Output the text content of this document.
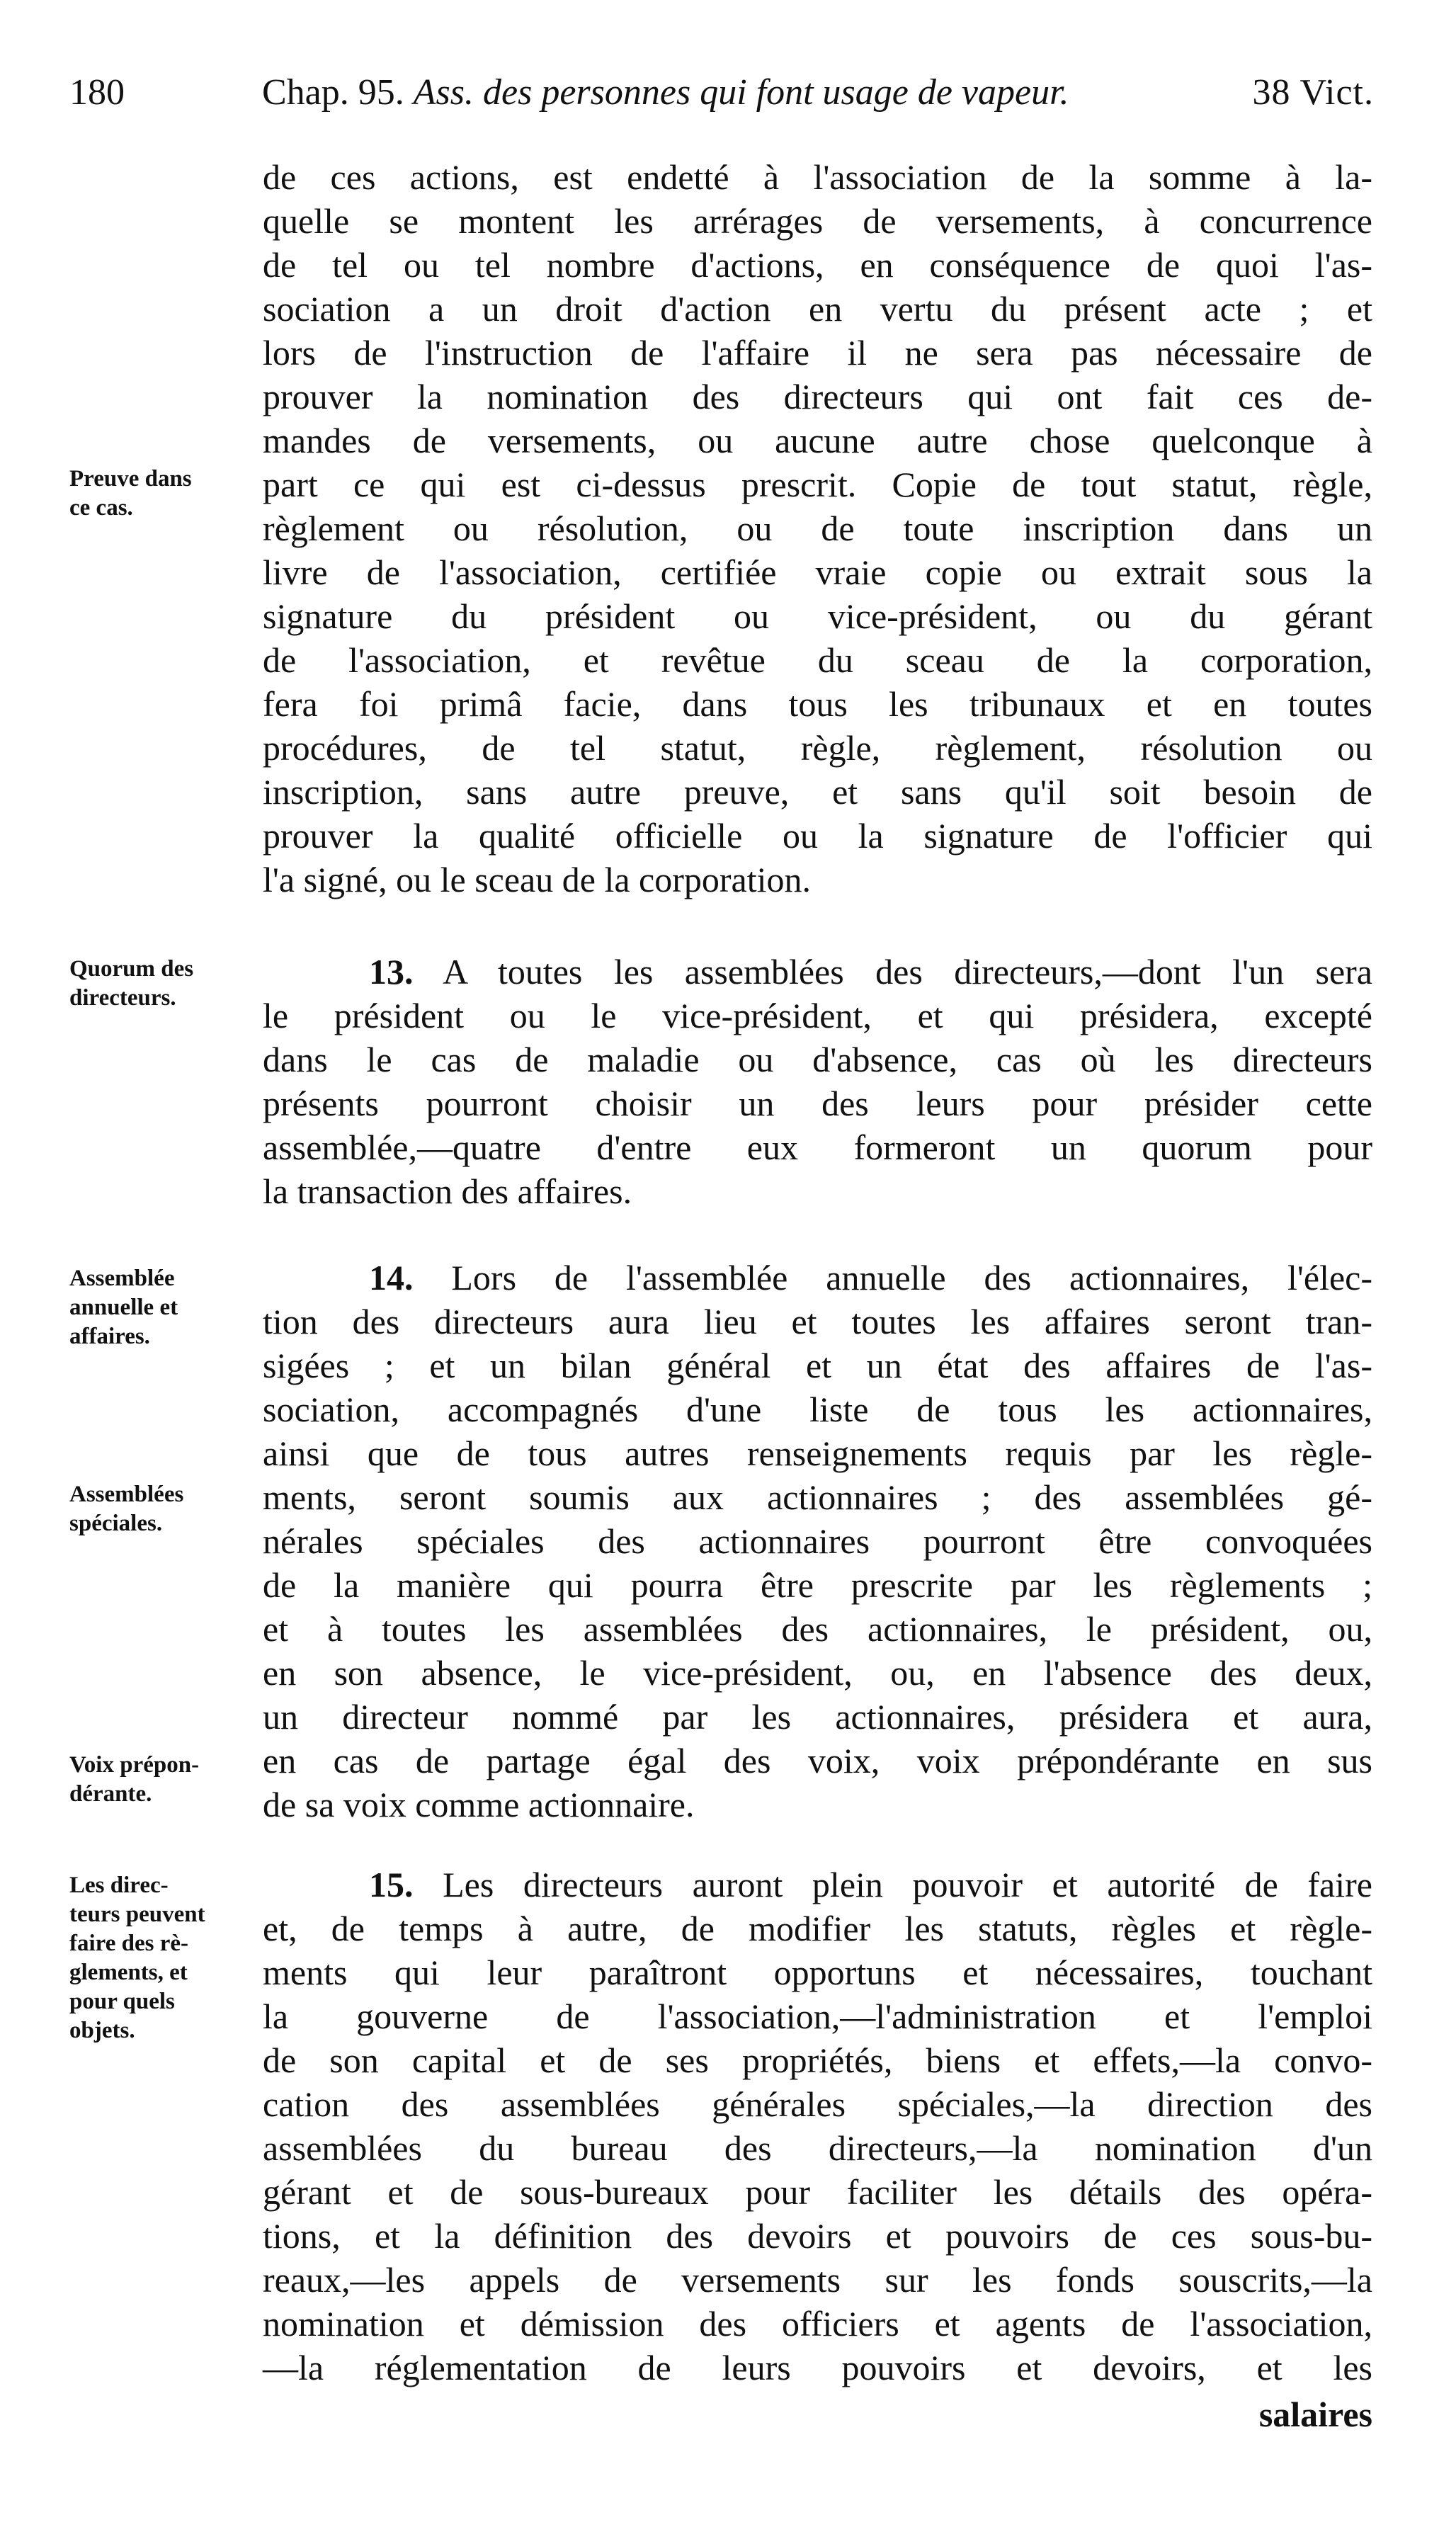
180	Chap. 95. Ass. des personnes qui font usage de vapeur.	38 Vict.
de ces actions, est endetté à l'association de la somme à la-
quelle se montent les arrérages de versements, à concurrence
de tel ou tel nombre d'actions, en conséquence de quoi l'as-
sociation a un droit d'action en vertu du présent acte ; et
lors de l'instruction de l'affaire il ne sera pas nécessaire de
prouver la nomination des directeurs qui ont fait ces de-
mandes de versements, ou aucune autre chose quelconque à
part ce qui est ci-dessus prescrit. Copie de tout statut, règle,
règlement ou résolution, ou de toute inscription dans un
livre de l'association, certifiée vraie copie ou extrait sous la
signature du président ou vice-président, ou du gérant
de l'association, et revêtue du sceau de la corporation,
fera foi primâ facie, dans tous les tribunaux et en toutes
procédures, de tel statut, règle, règlement, résolution ou
inscription, sans autre preuve, et sans qu'il soit besoin de
prouver la qualité officielle ou la signature de l'officier qui
l'a signé, ou le sceau de la corporation.
13. A toutes les assemblées des directeurs,—dont l'un sera
le président ou le vice-président, et qui présidera, excepté
dans le cas de maladie ou d'absence, cas où les directeurs
présents pourront choisir un des leurs pour présider cette
assemblée,—quatre d'entre eux formeront un quorum pour
la transaction des affaires.
14. Lors de l'assemblée annuelle des actionnaires, l'élec-
tion des directeurs aura lieu et toutes les affaires seront tran-
sigées ; et un bilan général et un état des affaires de l'as-
sociation, accompagnés d'une liste de tous les actionnaires,
ainsi que de tous autres renseignements requis par les règle-
ments, seront soumis aux actionnaires ; des assemblées gé-
nérales spéciales des actionnaires pourront être convoquées
de la manière qui pourra être prescrite par les règlements ;
et à toutes les assemblées des actionnaires, le président, ou,
en son absence, le vice-président, ou, en l'absence des deux,
un directeur nommé par les actionnaires, présidera et aura,
en cas de partage égal des voix, voix prépondérante en sus
de sa voix comme actionnaire.
15. Les directeurs auront plein pouvoir et autorité de faire
et, de temps à autre, de modifier les statuts, règles et règle-
ments qui leur paraîtront opportuns et nécessaires, touchant
la gouverne de l'association,—l'administration et l'emploi
de son capital et de ses propriétés, biens et effets,—la convo-
cation des assemblées générales spéciales,—la direction des
assemblées du bureau des directeurs,—la nomination d'un
gérant et de sous-bureaux pour faciliter les détails des opéra-
tions, et la définition des devoirs et pouvoirs de ces sous-bu-
reaux,—les appels de versements sur les fonds souscrits,—la
nomination et démission des officiers et agents de l'association,
—la réglementation de leurs pouvoirs et devoirs, et les
Preuve dans
ce cas.
Quorum des
directeurs.
Assemblée
annuelle et
affaires.
Assemblées
spéciales.
Voix prépon-
dérante.
Les direc-
teurs peuvent
faire des rè-
glements, et
pour quels
objets.
salaires
